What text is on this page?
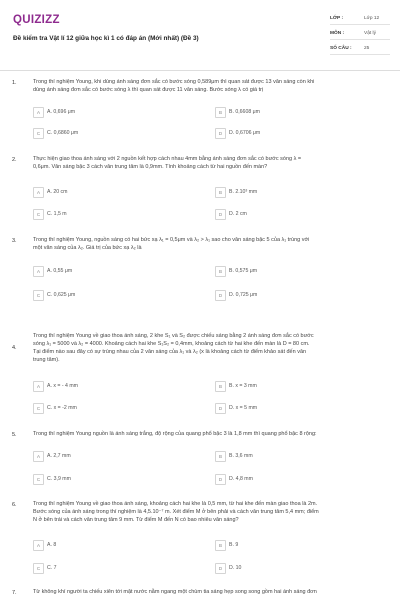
QUIZIZZ
Đề kiểm tra Vật lí 12 giữa học kì 1 có đáp án (Mới nhất) (Đề 3)
LỚP :	Lớp 12
MÔN :	Vật lý
SỐ CÂU :	25
1.	Trong thí nghiệm Young, khi dùng ánh sáng đơn sắc có bước sóng 0,589μm thì quan sát được 13 vân sáng còn khi
dùng ánh sáng đơn sắc có bước sóng λ thì quan sát được 11 vân sáng. Bước sóng λ có giá trị
A	A. 0,696 μm	B	B. 0,6608 μm
C	C. 0,6860 μm	D	D. 0,6706 μm
2.	Thực hiện giao thoa ánh sáng với 2 nguồn kết hợp cách nhau 4mm bằng ánh sáng đơn sắc có bước sóng λ =
0,6μm. Vân sáng bậc 3 cách vân trung tâm là 0,9mm. Tính khoảng cách từ hai nguồn đến màn?
A	A. 20 cm	B	B. 2.10³ mm
C	C. 1,5 m	D	D. 2 cm
3.	Trong thí nghiệm Young, nguồn sáng có hai bức xạ λ₁ = 0,5μm và λ₂ > λ₁ sao cho vân sáng bậc 5 của λ₁ trùng với
một vân sáng của λ₂. Giá trị của bức xạ λ₂ là
A	A. 0,55 μm	B	B. 0,575 μm
C	C. 0,625 μm	D	D. 0,725 μm
4.
Trong thí nghiệm Young về giao thoa ánh sáng, 2 khe S₁ và S₂ được chiếu sáng bằng 2 ánh sáng đơn sắc có bước
sóng λ₁ = 5000 và λ₂ = 4000. Khoảng cách hai khe S₁S₂ = 0,4mm, khoảng cách từ hai khe đến màn là D = 80 cm.
Tại điểm nào sau đây có sự trùng nhau của 2 vân sáng của λ₁ và λ₂ (x là khoảng cách từ điểm khảo sát đến vân
trung tâm).
A	A. x = - 4 mm	B	B. x = 3 mm
C	C. x = -2 mm	D	D. x = 5 mm
5.	Trong thí nghiệm Young nguồn là ánh sáng trắng, độ rộng của quang phổ bậc 3 là 1,8 mm thì quang phổ bậc 8 rộng:
A	A. 2,7 mm	B	B. 3,6 mm
C	C. 3,9 mm	D	D. 4,8 mm
6.	Trong thí nghiệm Young về giao thoa ánh sáng, khoảng cách hai khe là 0,5 mm, từ hai khe đến màn giao thoa là 2m.
Bước sóng của ánh sáng trong thí nghiệm là 4,5.10⁻⁷ m. Xét điểm M ở bên phải và cách vân trung tâm 5,4 mm; điểm
N ở bên trái và cách vân trung tâm 9 mm. Từ điểm M đến N có bao nhiêu vân sáng?
A	A. 8	B	B. 9
C	C. 7	D	D. 10
7.	Từ không khí người ta chiếu xiên tới mặt nước nằm ngang một chùm tia sáng hẹp song song gồm hai ánh sáng đơn
